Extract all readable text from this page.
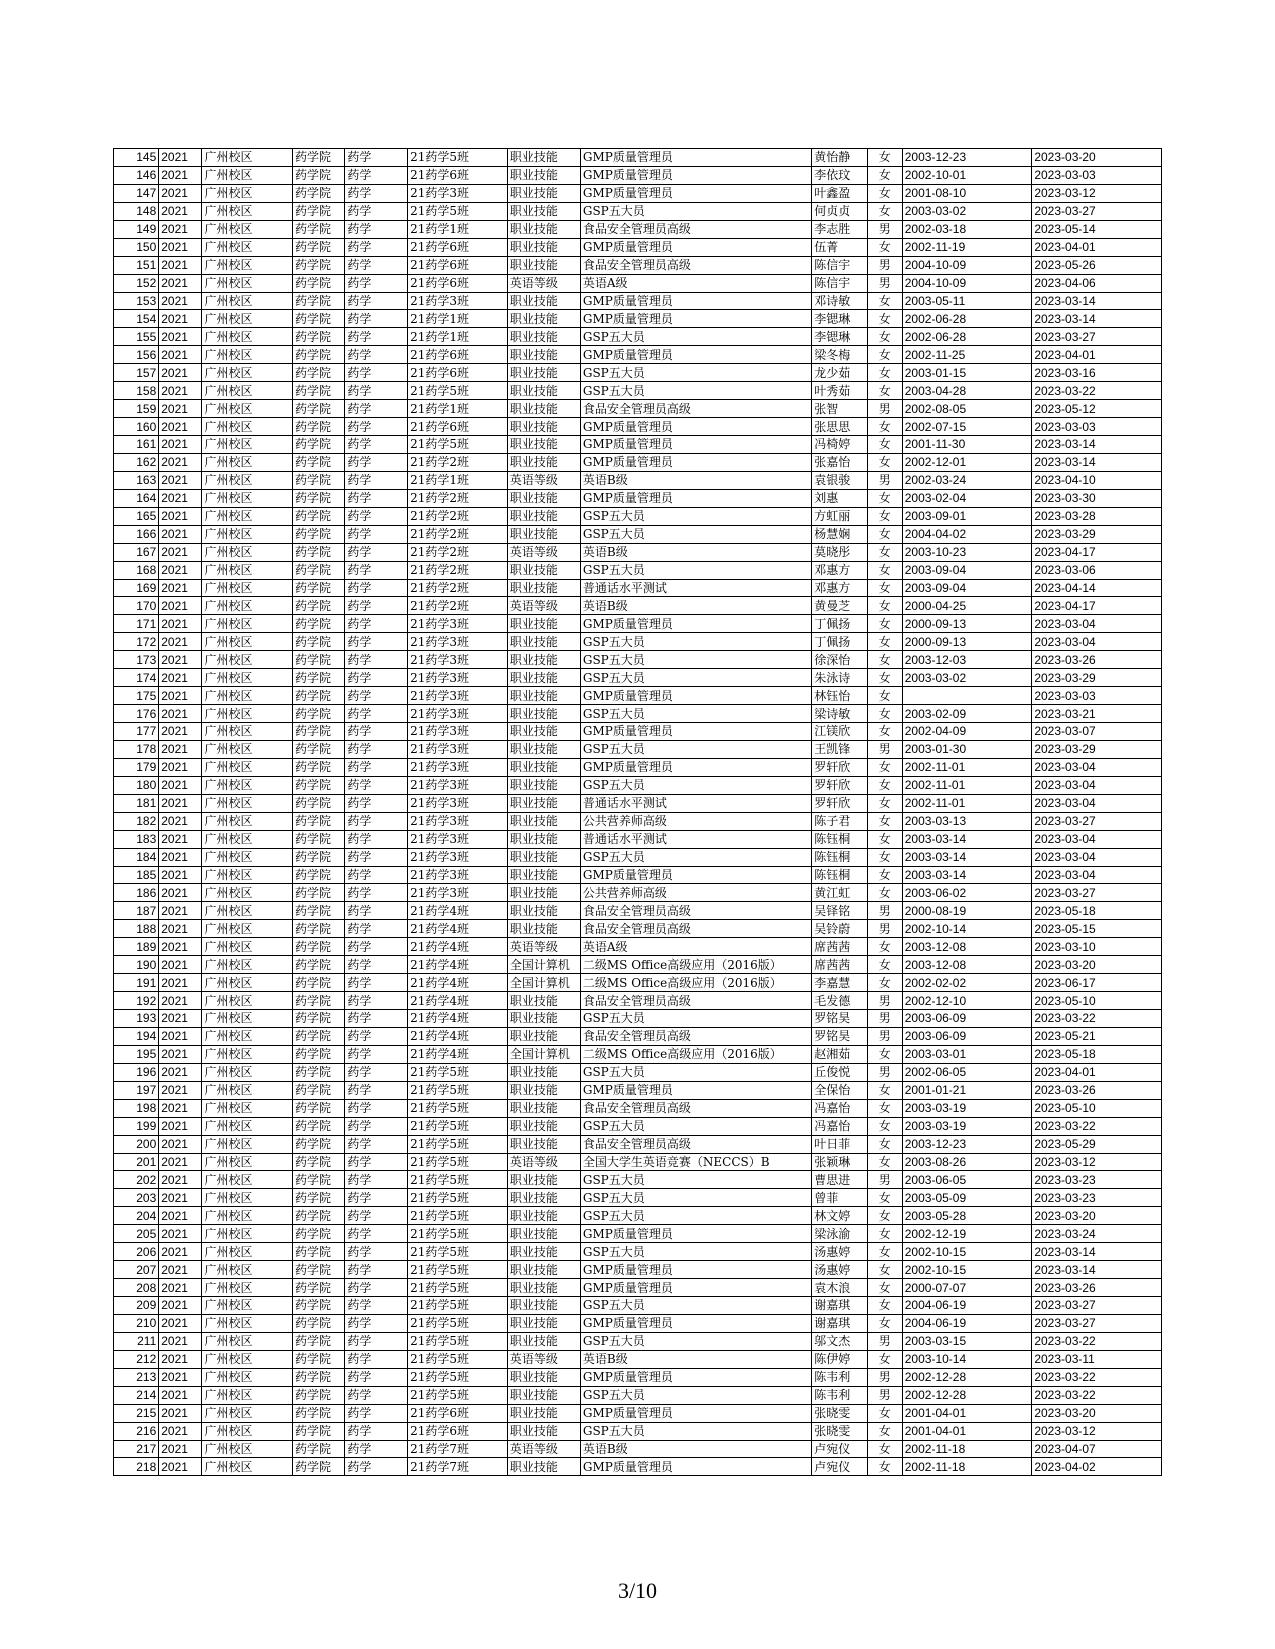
145	2021	广州校区	药学院	药学	21药学5班	职业技能	GMP质量管理员	黄怡静	女	2003-12-23	2023-03-20
146	2021	广州校区	药学院	药学	21药学6班	职业技能	GMP质量管理员	李依玟	女	2002-10-01	2023-03-03
147	2021	广州校区	药学院	药学	21药学3班	职业技能	GMP质量管理员	叶鑫盈	女	2001-08-10	2023-03-12
148	2021	广州校区	药学院	药学	21药学5班	职业技能	GSP五大员	何贞贞	女	2003-03-02	2023-03-27
149	2021	广州校区	药学院	药学	21药学1班	职业技能	食品安全管理员高级	李志胜	男	2002-03-18	2023-05-14
150	2021	广州校区	药学院	药学	21药学6班	职业技能	GMP质量管理员	伍菁	女	2002-11-19	2023-04-01
151	2021	广州校区	药学院	药学	21药学6班	职业技能	食品安全管理员高级	陈信宇	男	2004-10-09	2023-05-26
152	2021	广州校区	药学院	药学	21药学6班	英语等级	英语A级	陈信宇	男	2004-10-09	2023-04-06
153	2021	广州校区	药学院	药学	21药学3班	职业技能	GMP质量管理员	邓诗敏	女	2003-05-11	2023-03-14
154	2021	广州校区	药学院	药学	21药学1班	职业技能	GMP质量管理员	李锶琳	女	2002-06-28	2023-03-14
155	2021	广州校区	药学院	药学	21药学1班	职业技能	GSP五大员	李锶琳	女	2002-06-28	2023-03-27
156	2021	广州校区	药学院	药学	21药学6班	职业技能	GMP质量管理员	梁冬梅	女	2002-11-25	2023-04-01
157	2021	广州校区	药学院	药学	21药学6班	职业技能	GSP五大员	龙少茹	女	2003-01-15	2023-03-16
158	2021	广州校区	药学院	药学	21药学5班	职业技能	GSP五大员	叶秀茹	女	2003-04-28	2023-03-22
159	2021	广州校区	药学院	药学	21药学1班	职业技能	食品安全管理员高级	张智	男	2002-08-05	2023-05-12
160	2021	广州校区	药学院	药学	21药学6班	职业技能	GMP质量管理员	张思思	女	2002-07-15	2023-03-03
161	2021	广州校区	药学院	药学	21药学5班	职业技能	GMP质量管理员	冯椅婷	女	2001-11-30	2023-03-14
162	2021	广州校区	药学院	药学	21药学2班	职业技能	GMP质量管理员	张嘉怡	女	2002-12-01	2023-03-14
163	2021	广州校区	药学院	药学	21药学1班	英语等级	英语B级	袁银骏	男	2002-03-24	2023-04-10
164	2021	广州校区	药学院	药学	21药学2班	职业技能	GMP质量管理员	刘惠	女	2003-02-04	2023-03-30
165	2021	广州校区	药学院	药学	21药学2班	职业技能	GSP五大员	方虹丽	女	2003-09-01	2023-03-28
166	2021	广州校区	药学院	药学	21药学2班	职业技能	GSP五大员	杨慧娴	女	2004-04-02	2023-03-29
167	2021	广州校区	药学院	药学	21药学2班	英语等级	英语B级	莫晓彤	女	2003-10-23	2023-04-17
168	2021	广州校区	药学院	药学	21药学2班	职业技能	GSP五大员	邓惠方	女	2003-09-04	2023-03-06
169	2021	广州校区	药学院	药学	21药学2班	职业技能	普通话水平测试	邓惠方	女	2003-09-04	2023-04-14
170	2021	广州校区	药学院	药学	21药学2班	英语等级	英语B级	黄曼芝	女	2000-04-25	2023-04-17
171	2021	广州校区	药学院	药学	21药学3班	职业技能	GMP质量管理员	丁佩扬	女	2000-09-13	2023-03-04
172	2021	广州校区	药学院	药学	21药学3班	职业技能	GSP五大员	丁佩扬	女	2000-09-13	2023-03-04
173	2021	广州校区	药学院	药学	21药学3班	职业技能	GSP五大员	徐深怡	女	2003-12-03	2023-03-26
174	2021	广州校区	药学院	药学	21药学3班	职业技能	GSP五大员	朱泳诗	女	2003-03-02	2023-03-29
175	2021	广州校区	药学院	药学	21药学3班	职业技能	GMP质量管理员	林钰怡	女		2023-03-03
176	2021	广州校区	药学院	药学	21药学3班	职业技能	GSP五大员	梁诗敏	女	2003-02-09	2023-03-21
177	2021	广州校区	药学院	药学	21药学3班	职业技能	GMP质量管理员	江镁欣	女	2002-04-09	2023-03-07
178	2021	广州校区	药学院	药学	21药学3班	职业技能	GSP五大员	王凯锋	男	2003-01-30	2023-03-29
179	2021	广州校区	药学院	药学	21药学3班	职业技能	GMP质量管理员	罗轩欣	女	2002-11-01	2023-03-04
180	2021	广州校区	药学院	药学	21药学3班	职业技能	GSP五大员	罗轩欣	女	2002-11-01	2023-03-04
181	2021	广州校区	药学院	药学	21药学3班	职业技能	普通话水平测试	罗轩欣	女	2002-11-01	2023-03-04
182	2021	广州校区	药学院	药学	21药学3班	职业技能	公共营养师高级	陈子君	女	2003-03-13	2023-03-27
183	2021	广州校区	药学院	药学	21药学3班	职业技能	普通话水平测试	陈钰桐	女	2003-03-14	2023-03-04
184	2021	广州校区	药学院	药学	21药学3班	职业技能	GSP五大员	陈钰桐	女	2003-03-14	2023-03-04
185	2021	广州校区	药学院	药学	21药学3班	职业技能	GMP质量管理员	陈钰桐	女	2003-03-14	2023-03-04
186	2021	广州校区	药学院	药学	21药学3班	职业技能	公共营养师高级	黄江虹	女	2003-06-02	2023-03-27
187	2021	广州校区	药学院	药学	21药学4班	职业技能	食品安全管理员高级	吴铎铭	男	2000-08-19	2023-05-18
188	2021	广州校区	药学院	药学	21药学4班	职业技能	食品安全管理员高级	吴铃蔚	男	2002-10-14	2023-05-15
189	2021	广州校区	药学院	药学	21药学4班	英语等级	英语A级	席茜茜	女	2003-12-08	2023-03-10
190	2021	广州校区	药学院	药学	21药学4班	全国计算机	二级MS Office高级应用（2016版）	席茜茜	女	2003-12-08	2023-03-20
191	2021	广州校区	药学院	药学	21药学4班	全国计算机	二级MS Office高级应用（2016版）	李嘉慧	女	2002-02-02	2023-06-17
192	2021	广州校区	药学院	药学	21药学4班	职业技能	食品安全管理员高级	毛发德	男	2002-12-10	2023-05-10
193	2021	广州校区	药学院	药学	21药学4班	职业技能	GSP五大员	罗铭昊	男	2003-06-09	2023-03-22
194	2021	广州校区	药学院	药学	21药学4班	职业技能	食品安全管理员高级	罗铭昊	男	2003-06-09	2023-05-21
195	2021	广州校区	药学院	药学	21药学4班	全国计算机	二级MS Office高级应用（2016版）	赵湘茹	女	2003-03-01	2023-05-18
196	2021	广州校区	药学院	药学	21药学5班	职业技能	GSP五大员	丘俊悦	男	2002-06-05	2023-04-01
197	2021	广州校区	药学院	药学	21药学5班	职业技能	GMP质量管理员	全保怡	女	2001-01-21	2023-03-26
198	2021	广州校区	药学院	药学	21药学5班	职业技能	食品安全管理员高级	冯嘉怡	女	2003-03-19	2023-05-10
199	2021	广州校区	药学院	药学	21药学5班	职业技能	GSP五大员	冯嘉怡	女	2003-03-19	2023-03-22
200	2021	广州校区	药学院	药学	21药学5班	职业技能	食品安全管理员高级	叶日菲	女	2003-12-23	2023-05-29
201	2021	广州校区	药学院	药学	21药学5班	英语等级	全国大学生英语竞赛（NECCS）B	张颖琳	女	2003-08-26	2023-03-12
202	2021	广州校区	药学院	药学	21药学5班	职业技能	GSP五大员	曹思进	男	2003-06-05	2023-03-23
203	2021	广州校区	药学院	药学	21药学5班	职业技能	GSP五大员	曾菲	女	2003-05-09	2023-03-23
204	2021	广州校区	药学院	药学	21药学5班	职业技能	GSP五大员	林文婷	女	2003-05-28	2023-03-20
205	2021	广州校区	药学院	药学	21药学5班	职业技能	GMP质量管理员	梁泳渝	女	2002-12-19	2023-03-24
206	2021	广州校区	药学院	药学	21药学5班	职业技能	GSP五大员	汤惠婷	女	2002-10-15	2023-03-14
207	2021	广州校区	药学院	药学	21药学5班	职业技能	GMP质量管理员	汤惠婷	女	2002-10-15	2023-03-14
208	2021	广州校区	药学院	药学	21药学5班	职业技能	GMP质量管理员	袁木浪	女	2000-07-07	2023-03-26
209	2021	广州校区	药学院	药学	21药学5班	职业技能	GSP五大员	谢嘉琪	女	2004-06-19	2023-03-27
210	2021	广州校区	药学院	药学	21药学5班	职业技能	GMP质量管理员	谢嘉琪	女	2004-06-19	2023-03-27
211	2021	广州校区	药学院	药学	21药学5班	职业技能	GSP五大员	邬文杰	男	2003-03-15	2023-03-22
212	2021	广州校区	药学院	药学	21药学5班	英语等级	英语B级	陈伊婷	女	2003-10-14	2023-03-11
213	2021	广州校区	药学院	药学	21药学5班	职业技能	GMP质量管理员	陈韦利	男	2002-12-28	2023-03-22
214	2021	广州校区	药学院	药学	21药学5班	职业技能	GSP五大员	陈韦利	男	2002-12-28	2023-03-22
215	2021	广州校区	药学院	药学	21药学6班	职业技能	GMP质量管理员	张晓雯	女	2001-04-01	2023-03-20
216	2021	广州校区	药学院	药学	21药学6班	职业技能	GSP五大员	张晓雯	女	2001-04-01	2023-03-12
217	2021	广州校区	药学院	药学	21药学7班	英语等级	英语B级	卢宛仪	女	2002-11-18	2023-04-07
218	2021	广州校区	药学院	药学	21药学7班	职业技能	GMP质量管理员	卢宛仪	女	2002-11-18	2023-04-02
3/10
